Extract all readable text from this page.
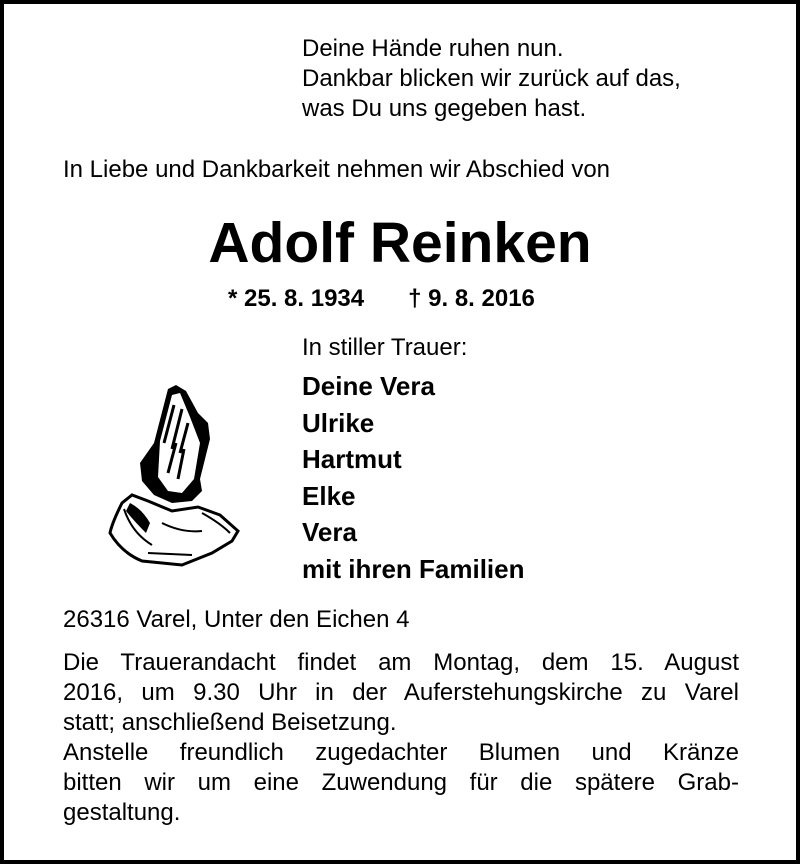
Deine Hände ruhen nun.
Dankbar blicken wir zurück auf das,
was Du uns gegeben hast.
In Liebe und Dankbarkeit nehmen wir Abschied von
Adolf Reinken
* 25. 8. 1934 † 9. 8. 2016
In stiller Trauer:
Deine Vera
Ulrike
Hartmut
Elke
Vera
mit ihren Familien
26316 Varel, Unter den Eichen 4
Die Trauerandacht findet am Montag, dem 15. August
2016, um 9.30 Uhr in der Auferstehungskirche zu Varel
statt; anschließend Beisetzung.
Anstelle freundlich zugedachter Blumen und Kränze
bitten wir um eine Zuwendung für die spätere Grab-
gestaltung.
